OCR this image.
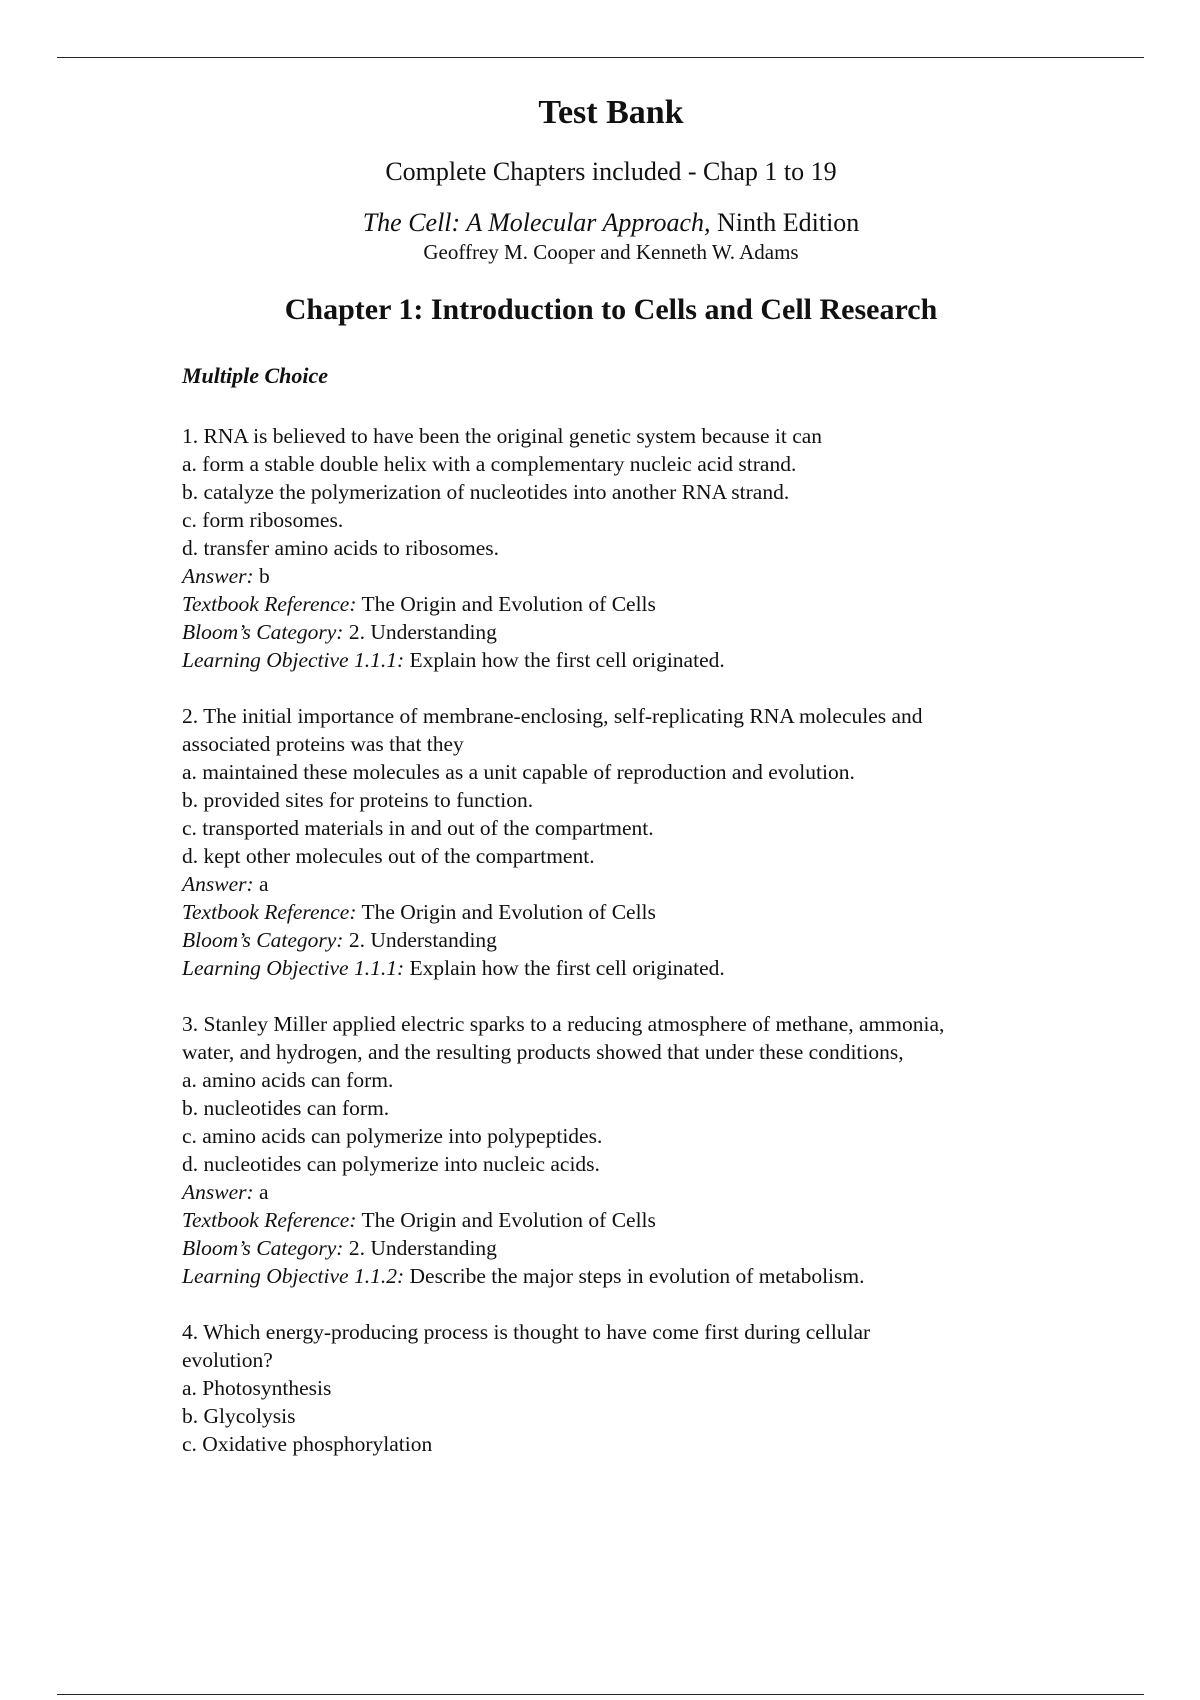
Test Bank
Complete Chapters included - Chap 1 to 19
The Cell: A Molecular Approach, Ninth Edition
Geoffrey M. Cooper and Kenneth W. Adams
Chapter 1: Introduction to Cells and Cell Research
Multiple Choice
1. RNA is believed to have been the original genetic system because it can
a. form a stable double helix with a complementary nucleic acid strand.
b. catalyze the polymerization of nucleotides into another RNA strand.
c. form ribosomes.
d. transfer amino acids to ribosomes.
Answer: b
Textbook Reference: The Origin and Evolution of Cells
Bloom’s Category: 2. Understanding
Learning Objective 1.1.1: Explain how the first cell originated.
2. The initial importance of membrane-enclosing, self-replicating RNA molecules and
associated proteins was that they
a. maintained these molecules as a unit capable of reproduction and evolution.
b. provided sites for proteins to function.
c. transported materials in and out of the compartment.
d. kept other molecules out of the compartment.
Answer: a
Textbook Reference: The Origin and Evolution of Cells
Bloom’s Category: 2. Understanding
Learning Objective 1.1.1: Explain how the first cell originated.
3. Stanley Miller applied electric sparks to a reducing atmosphere of methane, ammonia,
water, and hydrogen, and the resulting products showed that under these conditions,
a. amino acids can form.
b. nucleotides can form.
c. amino acids can polymerize into polypeptides.
d. nucleotides can polymerize into nucleic acids.
Answer: a
Textbook Reference: The Origin and Evolution of Cells
Bloom’s Category: 2. Understanding
Learning Objective 1.1.2: Describe the major steps in evolution of metabolism.
4. Which energy-producing process is thought to have come first during cellular
evolution?
a. Photosynthesis
b. Glycolysis
c. Oxidative phosphorylation
